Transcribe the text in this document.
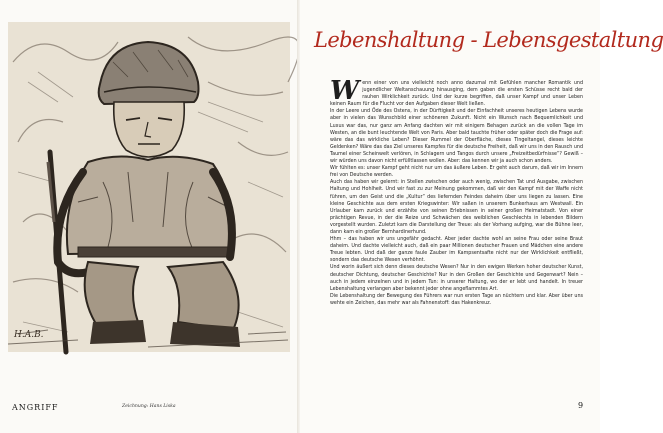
H.A.B.
ANGRIFF	Zeichnung: Hans Liska
Lebenshaltung - Lebensgestaltung
W enn einer von uns vielleicht noch anno dazumal mit Gefühlen mancher Romantik und jugendlicher Weltanschauung hinausging, dem gaben die ersten Schüsse recht bald der rauhen Wirklichkeit zurück. Und der kurze begriffen, daß unser Kampf und unser Leben keinen Raum für die Flucht vor den Aufgaben dieser Welt ließen.

In der Leere und Öde des Ostens, in der Dürftigkeit und der Einfachheit unseres heutigen Lebens wurde aber in vielen das Wunschbild einer schöneren Zukunft. Nicht ein Wunsch nach Bequemlichkeit und Luxus war das, nur ganz am Anfang dachten wir mit einigem Behagen zurück an die vollen Tage im Westen, an die bunt leuchtende Welt von Paris. Aber bald tauchte früher oder später doch die Frage auf: wäre das das wirkliche Leben? Dieser Rummel der Oberfläche, dieses Tingeltangel, dieses leichte Geldenken? Wäre das das Ziel unseres Kampfes für die deutsche Freiheit, daß wir uns in den Rausch und Taumel einer Scheinwelt verlören, in Schlagern und Tangos durch unsere „Freizeitbedürfnisse“? Gewiß – wir würden uns davon nicht erfülltlassen wollen. Aber: das kennen wir ja auch schon anders.

Wir fühlten es: unser Kampf geht nicht nur um das äußere Leben. Er geht auch darum, daß wir im Innern frei von Deutsche werden.

Auch das haben wir gelernt: in Stellen zwischen oder auch wenig, zwischen Tat und Ausgabe, zwischen Haltung und Hohlheit. Und wir fast zu zur Meinung gekommen, daß wir den Kampf mit der Waffe nicht führen, um den Geist und die „Kultur“ des liefernden Feindes daheim über uns liegen zu lassen. Eine kleine Geschichte aus dem ersten Kriegswinter: Wir saßen in unserem Bunkerhaus am Westwall. Ein Urlauber kam zurück und erzählte von seinen Erlebnissen in seiner großen Heimatstadt. Von einer prächtigen Revue, in der die Reize und Schwächen des weiblichen Geschlechts in lebenden Bildern vorgestellt wurden. Zuletzt kam die Darstellung der Treue: als der Vorhang aufging, war die Bühne leer, dann kam ein großer Bernhardinerhund.

Hhm – das haben wir uns ungefähr gedacht. Aber jeder dachte wohl an seine Frau oder seine Braut daheim. Und dachte vielleicht auch, daß ein paar Millionen deutscher Frauen und Mädchen eine andere Treue lebten. Und daß der ganze faule Zauber im Kampsentsafte nicht nur der Wirklichkeit entfließt, sondern das deutsche Wesen verhöhnt.

Und worin äußert sich denn dieses deutsche Wesen? Nur in den ewigen Werken hoher deutscher Kunst, deutscher Dichtung, deutscher Geschichte? Nur in den Großen der Geschichte und Gegenwart? Nein – auch in jedem einzelnen und in jedem Tun: in unserer Haltung, wo der er lebt und handelt. In treuer Lebenshaltung verlangen aber bekennt jeder ohne angeflammtes Art.

Die Lebenshaltung der Bewegung des Führers war nun ersten Tage an nüchtern und klar. Aber über uns wehte ein Zeichen, das mehr war als Fahnenstoff: das Hakenkreuz.

9
